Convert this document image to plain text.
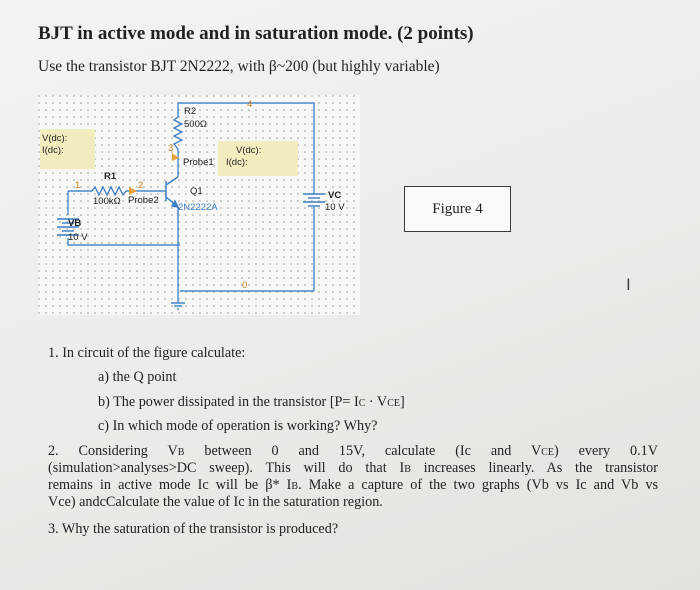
BJT in active mode and in saturation mode. (2 points)
Use the transistor BJT 2N2222, with β~200 (but highly variable)
R2
500Ω
3
4
1	2
0
V(dc):
I(dc):	V(dc):
I(dc):
Probe1
R1
100kΩ Probe2
Q1
2N2222A
VC
10 V
VB
10 V
Figure 4
I
1. In circuit of the figure calculate:
a) the Q point
b) The power dissipated in the transistor [P= IC · VCE]
c) In which mode of operation is working? Why?
2.  Considering  VB  between  0  and  15V,  calculate  (Ic  and  VCE)  every  0.1V
(simulation>analyses>DC sweep). This will do that IB increases linearly. As the transistor
remains in active mode Ic will be β* IB. Make a capture of the two graphs (Vb vs Ic and Vb vs
Vce) andcCalculate the value of Ic in the saturation region.
3. Why the saturation of the transistor is produced?
